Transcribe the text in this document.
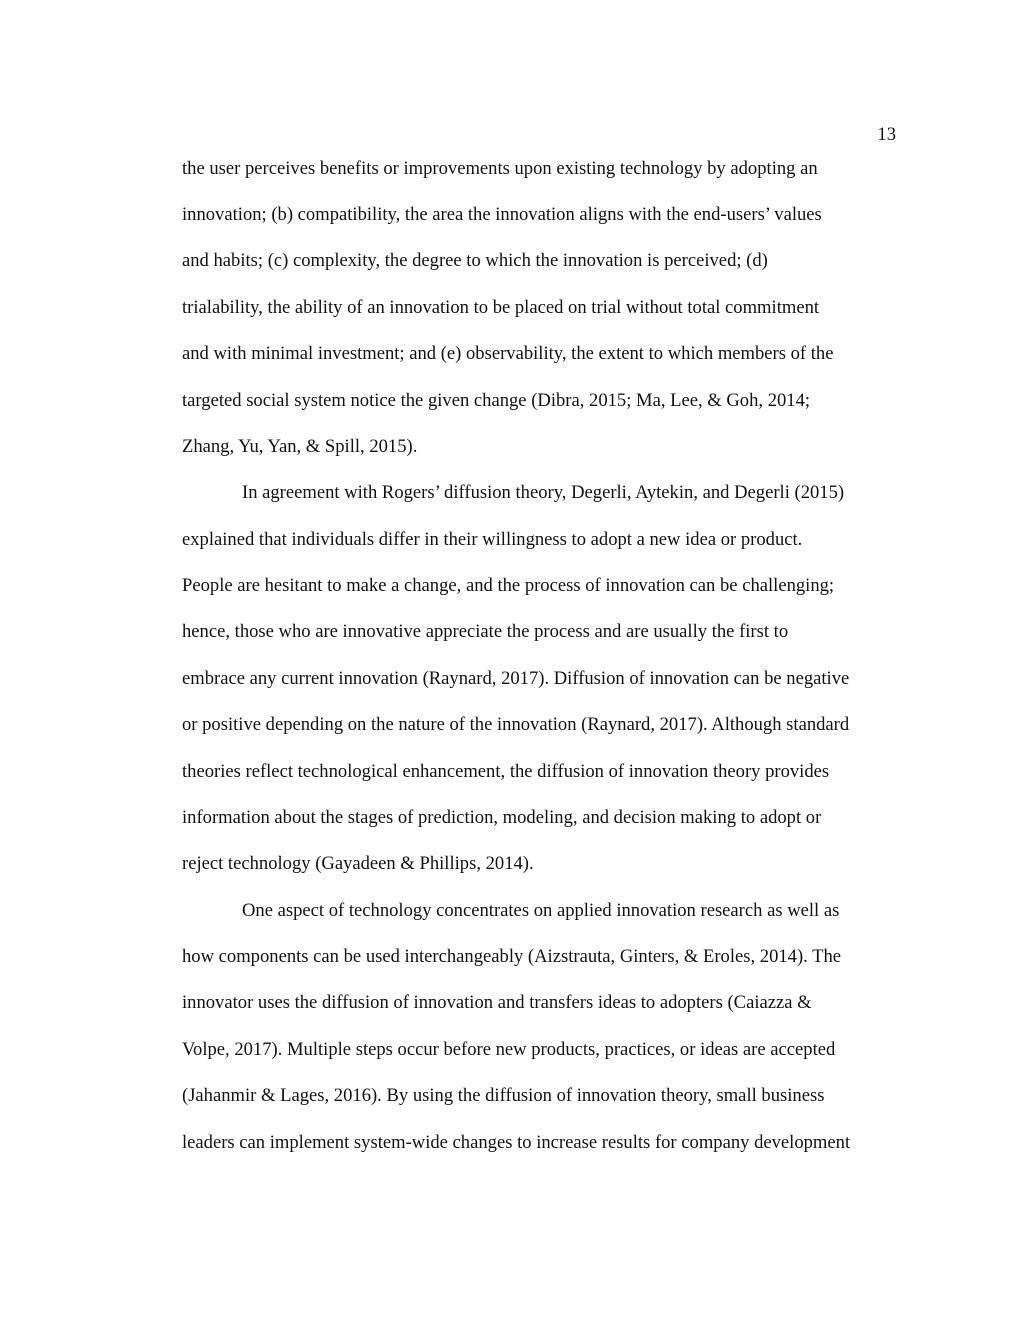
13
the user perceives benefits or improvements upon existing technology by adopting an
innovation; (b) compatibility, the area the innovation aligns with the end-users’ values
and habits; (c) complexity, the degree to which the innovation is perceived; (d)
trialability, the ability of an innovation to be placed on trial without total commitment
and with minimal investment; and (e) observability, the extent to which members of the
targeted social system notice the given change (Dibra, 2015; Ma, Lee, & Goh, 2014;
Zhang, Yu, Yan, & Spill, 2015).
In agreement with Rogers’ diffusion theory, Degerli, Aytekin, and Degerli (2015)
explained that individuals differ in their willingness to adopt a new idea or product.
People are hesitant to make a change, and the process of innovation can be challenging;
hence, those who are innovative appreciate the process and are usually the first to
embrace any current innovation (Raynard, 2017). Diffusion of innovation can be negative
or positive depending on the nature of the innovation (Raynard, 2017). Although standard
theories reflect technological enhancement, the diffusion of innovation theory provides
information about the stages of prediction, modeling, and decision making to adopt or
reject technology (Gayadeen & Phillips, 2014).
One aspect of technology concentrates on applied innovation research as well as
how components can be used interchangeably (Aizstrauta, Ginters, & Eroles, 2014). The
innovator uses the diffusion of innovation and transfers ideas to adopters (Caiazza &
Volpe, 2017). Multiple steps occur before new products, practices, or ideas are accepted
(Jahanmir & Lages, 2016). By using the diffusion of innovation theory, small business
leaders can implement system-wide changes to increase results for company development
